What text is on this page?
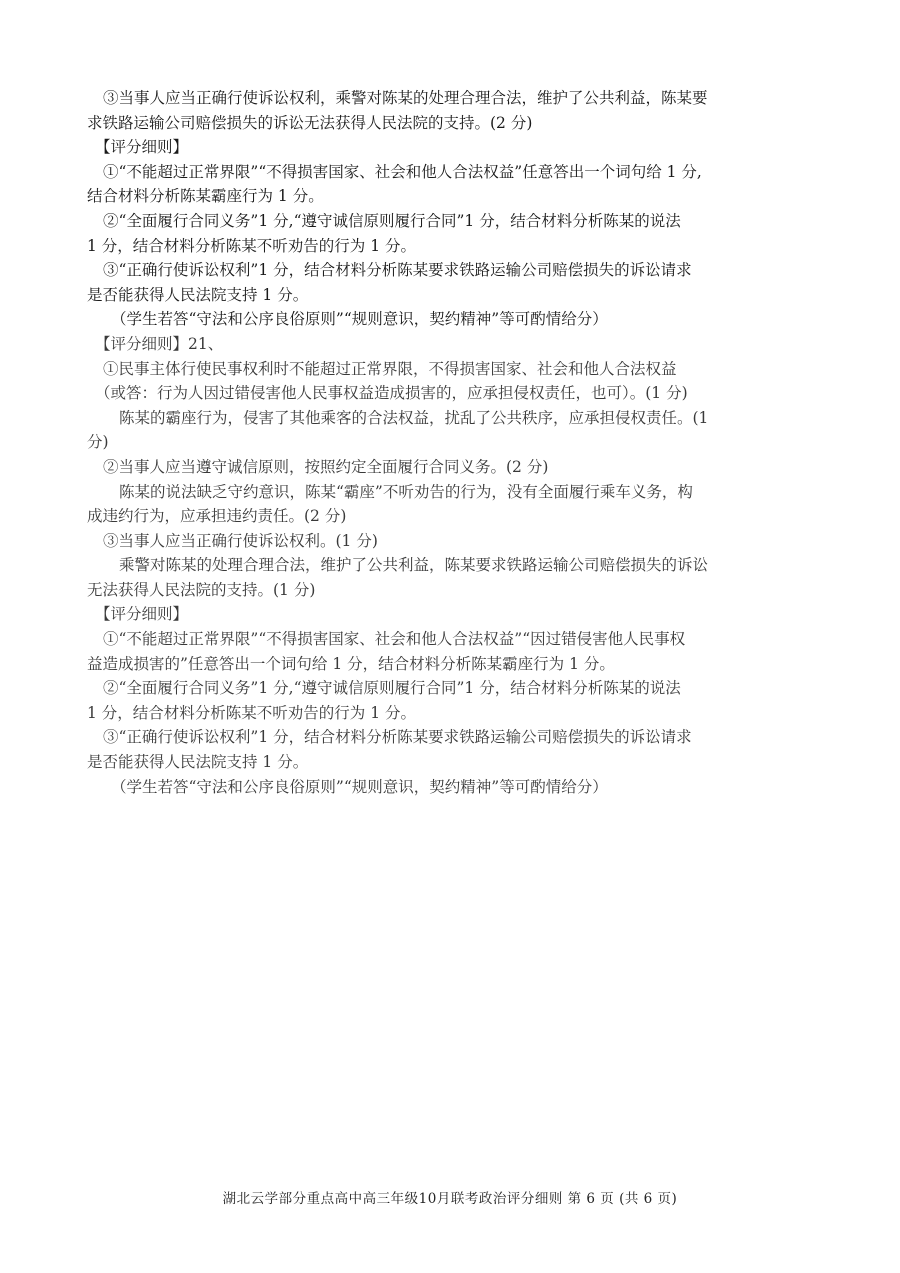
③当事人应当正确行使诉讼权利，乘警对陈某的处理合理合法，维护了公共利益，陈某要

求铁路运输公司赔偿损失的诉讼无法获得人民法院的支持。(2 分)

【评分细则】

①“不能超过正常界限”“不得损害国家、社会和他人合法权益”任意答出一个词句给 1 分,

结合材料分析陈某霸座行为 1 分。

②“全面履行合同义务”1 分,“遵守诚信原则履行合同”1 分，结合材料分析陈某的说法

1 分，结合材料分析陈某不听劝告的行为 1 分。

③“正确行使诉讼权利”1 分，结合材料分析陈某要求铁路运输公司赔偿损失的诉讼请求

是否能获得人民法院支持 1 分。

（学生若答“守法和公序良俗原则”“规则意识，契约精神”等可酌情给分）

【评分细则】21、

①民事主体行使民事权利时不能超过正常界限，不得损害国家、社会和他人合法权益

（或答：行为人因过错侵害他人民事权益造成损害的，应承担侵权责任，也可）。(1 分)

陈某的霸座行为，侵害了其他乘客的合法权益，扰乱了公共秩序，应承担侵权责任。(1

分)

②当事人应当遵守诚信原则，按照约定全面履行合同义务。(2 分)

陈某的说法缺乏守约意识，陈某“霸座”不听劝告的行为，没有全面履行乘车义务，构

成违约行为，应承担违约责任。(2 分)

③当事人应当正确行使诉讼权利。(1 分)

乘警对陈某的处理合理合法，维护了公共利益，陈某要求铁路运输公司赔偿损失的诉讼

无法获得人民法院的支持。(1 分)

【评分细则】

①“不能超过正常界限”“不得损害国家、社会和他人合法权益”“因过错侵害他人民事权

益造成损害的”任意答出一个词句给 1 分，结合材料分析陈某霸座行为 1 分。

②“全面履行合同义务”1 分,“遵守诚信原则履行合同”1 分，结合材料分析陈某的说法

1 分，结合材料分析陈某不听劝告的行为 1 分。

③“正确行使诉讼权利”1 分，结合材料分析陈某要求铁路运输公司赔偿损失的诉讼请求

是否能获得人民法院支持 1 分。

（学生若答“守法和公序良俗原则”“规则意识，契约精神”等可酌情给分）

湖北云学部分重点高中高三年级10月联考政治评分细则 第 6 页 (共 6 页)
